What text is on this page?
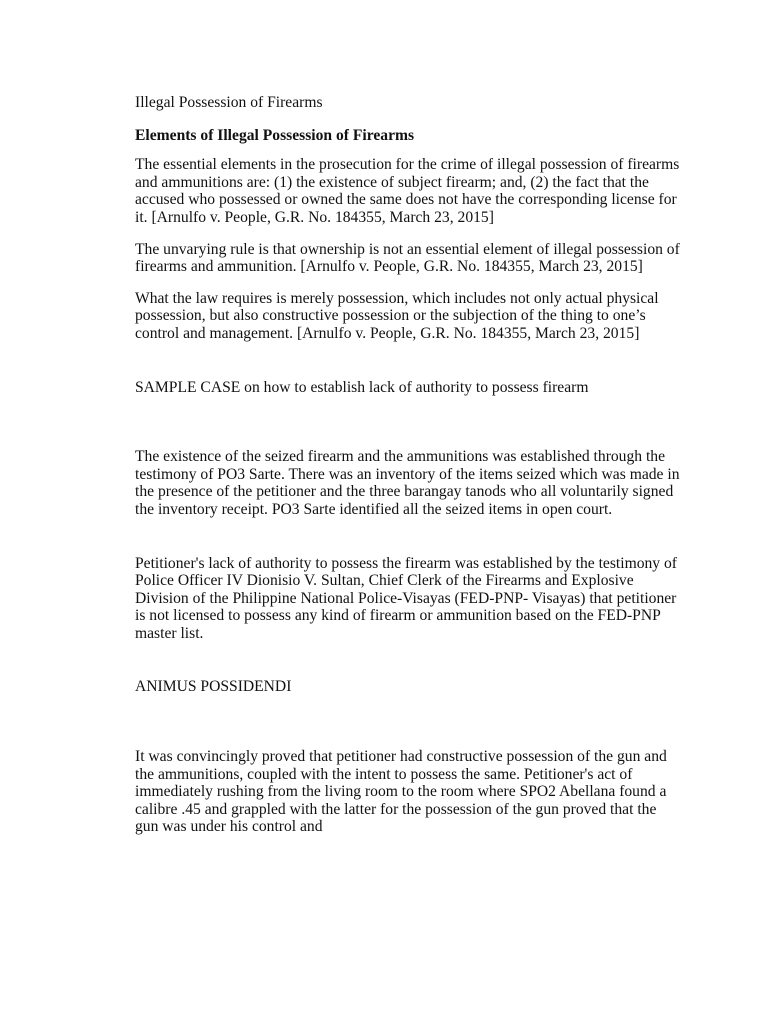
Illegal Possession of Firearms

Elements of Illegal Possession of Firearms

The essential elements in the prosecution for the crime of illegal possession of firearms and ammunitions are: (1) the existence of subject firearm; and, (2) the fact that the accused who possessed or owned the same does not have the corresponding license for it. [Arnulfo v. People, G.R. No. 184355, March 23, 2015]

The unvarying rule is that ownership is not an essential element of illegal possession of firearms and ammunition. [Arnulfo v. People, G.R. No. 184355, March 23, 2015]

What the law requires is merely possession, which includes not only actual physical possession, but also constructive possession or the subjection of the thing to one’s control and management. [Arnulfo v. People, G.R. No. 184355, March 23, 2015]

SAMPLE CASE on how to establish lack of authority to possess firearm

The existence of the seized firearm and the ammunitions was established through the testimony of PO3 Sarte. There was an inventory of the items seized which was made in the presence of the petitioner and the three barangay tanods who all voluntarily signed the inventory receipt. PO3 Sarte identified all the seized items in open court.

Petitioner's lack of authority to possess the firearm was established by the testimony of Police Officer IV Dionisio V. Sultan, Chief Clerk of the Firearms and Explosive Division of the Philippine National Police-Visayas (FED-PNP- Visayas) that petitioner is not licensed to possess any kind of firearm or ammunition based on the FED-PNP master list.

ANIMUS POSSIDENDI

It was convincingly proved that petitioner had constructive possession of the gun and the ammunitions, coupled with the intent to possess the same. Petitioner's act of immediately rushing from the living room to the room where SPO2 Abellana found a calibre .45 and grappled with the latter for the possession of the gun proved that the gun was under his control and
